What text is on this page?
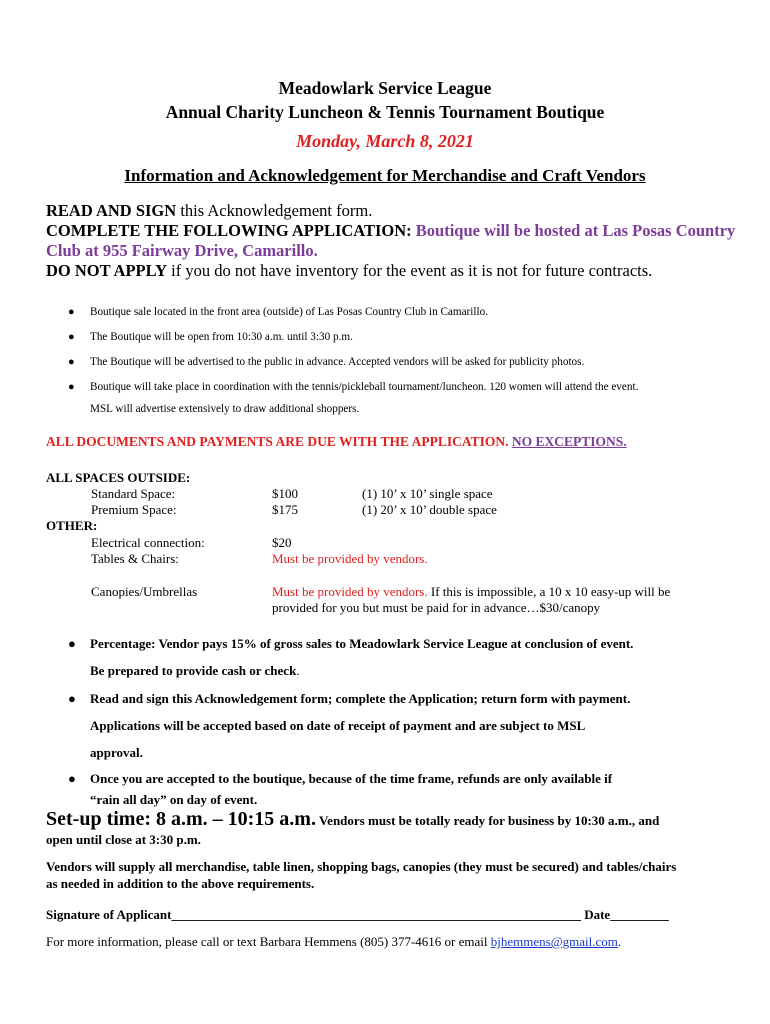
Meadowlark Service League
Annual Charity Luncheon & Tennis Tournament Boutique
Monday, March 8, 2021
Information and Acknowledgement for Merchandise and Craft Vendors
READ AND SIGN this Acknowledgement form.
COMPLETE THE FOLLOWING APPLICATION: Boutique will be hosted at Las Posas Country Club at 955 Fairway Drive, Camarillo.
DO NOT APPLY if you do not have inventory for the event as it is not for future contracts.
● Boutique sale located in the front area (outside) of Las Posas Country Club in Camarillo.
● The Boutique will be open from 10:30 a.m. until 3:30 p.m.
● The Boutique will be advertised to the public in advance. Accepted vendors will be asked for publicity photos.
● Boutique will take place in coordination with the tennis/pickleball tournament/luncheon. 120 women will attend the event.
MSL will advertise extensively to draw additional shoppers.
ALL DOCUMENTS AND PAYMENTS ARE DUE WITH THE APPLICATION. NO EXCEPTIONS.
ALL SPACES OUTSIDE:
Standard Space:	$100	(1) 10’ x 10’ single space
Premium Space:	$175	(1) 20’ x 10’ double space
OTHER:
Electrical connection:	$20
Tables & Chairs:	Must be provided by vendors.
Canopies/Umbrellas	Must be provided by vendors. If this is impossible, a 10 x 10 easy-up will be
provided for you but must be paid for in advance…$30/canopy
● Percentage: Vendor pays 15% of gross sales to Meadowlark Service League at conclusion of event.
Be prepared to provide cash or check.
● Read and sign this Acknowledgement form; complete the Application; return form with payment.
Applications will be accepted based on date of receipt of payment and are subject to MSL
approval.
● Once you are accepted to the boutique, because of the time frame, refunds are only available if
“rain all day” on day of event.
Set-up time: 8 a.m. – 10:15 a.m. Vendors must be totally ready for business by 10:30 a.m., and
open until close at 3:30 p.m.
Vendors will supply all merchandise, table linen, shopping bags, canopies (they must be secured) and tables/chairs
as needed in addition to the above requirements.
Signature of Applicant_______________________________________________________________ Date_________
For more information, please call or text Barbara Hemmens (805) 377-4616 or email bjhemmens@gmail.com.
